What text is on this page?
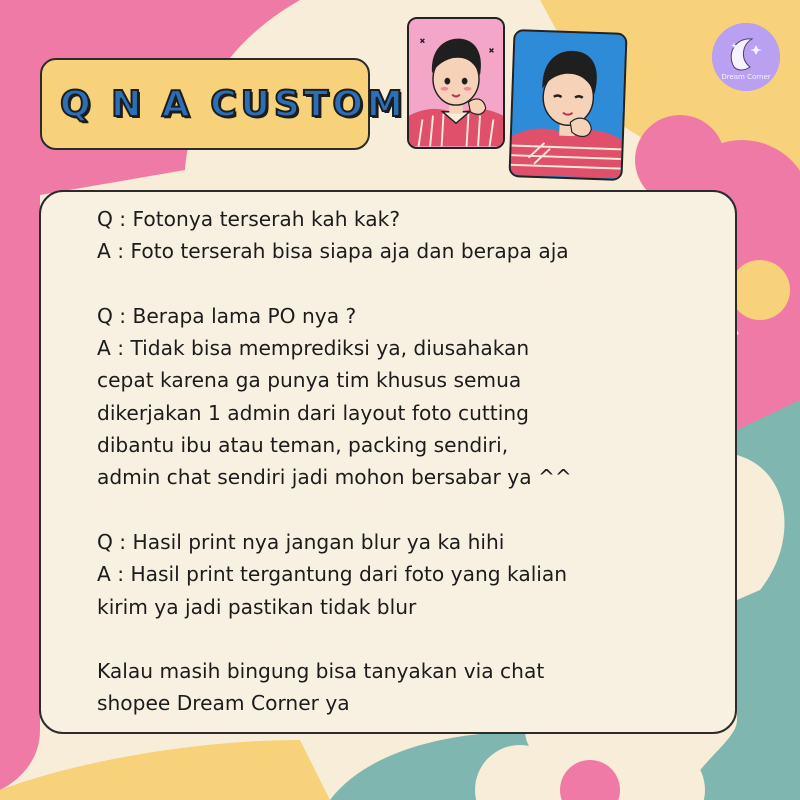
Q N A CUSTOM
Dream Corner
Q : Fotonya terserah kah kak?
A : Foto terserah bisa siapa aja dan berapa aja
Q : Berapa lama PO nya ?
A : Tidak bisa memprediksi ya, diusahakan
cepat karena ga punya tim khusus semua
dikerjakan 1 admin dari layout foto cutting
dibantu ibu atau teman, packing sendiri,
admin chat sendiri jadi mohon bersabar ya ^^
Q : Hasil print nya jangan blur ya ka hihi
A : Hasil print tergantung dari foto yang kalian
kirim ya jadi pastikan tidak blur
Kalau masih bingung bisa tanyakan via chat
shopee Dream Corner ya
